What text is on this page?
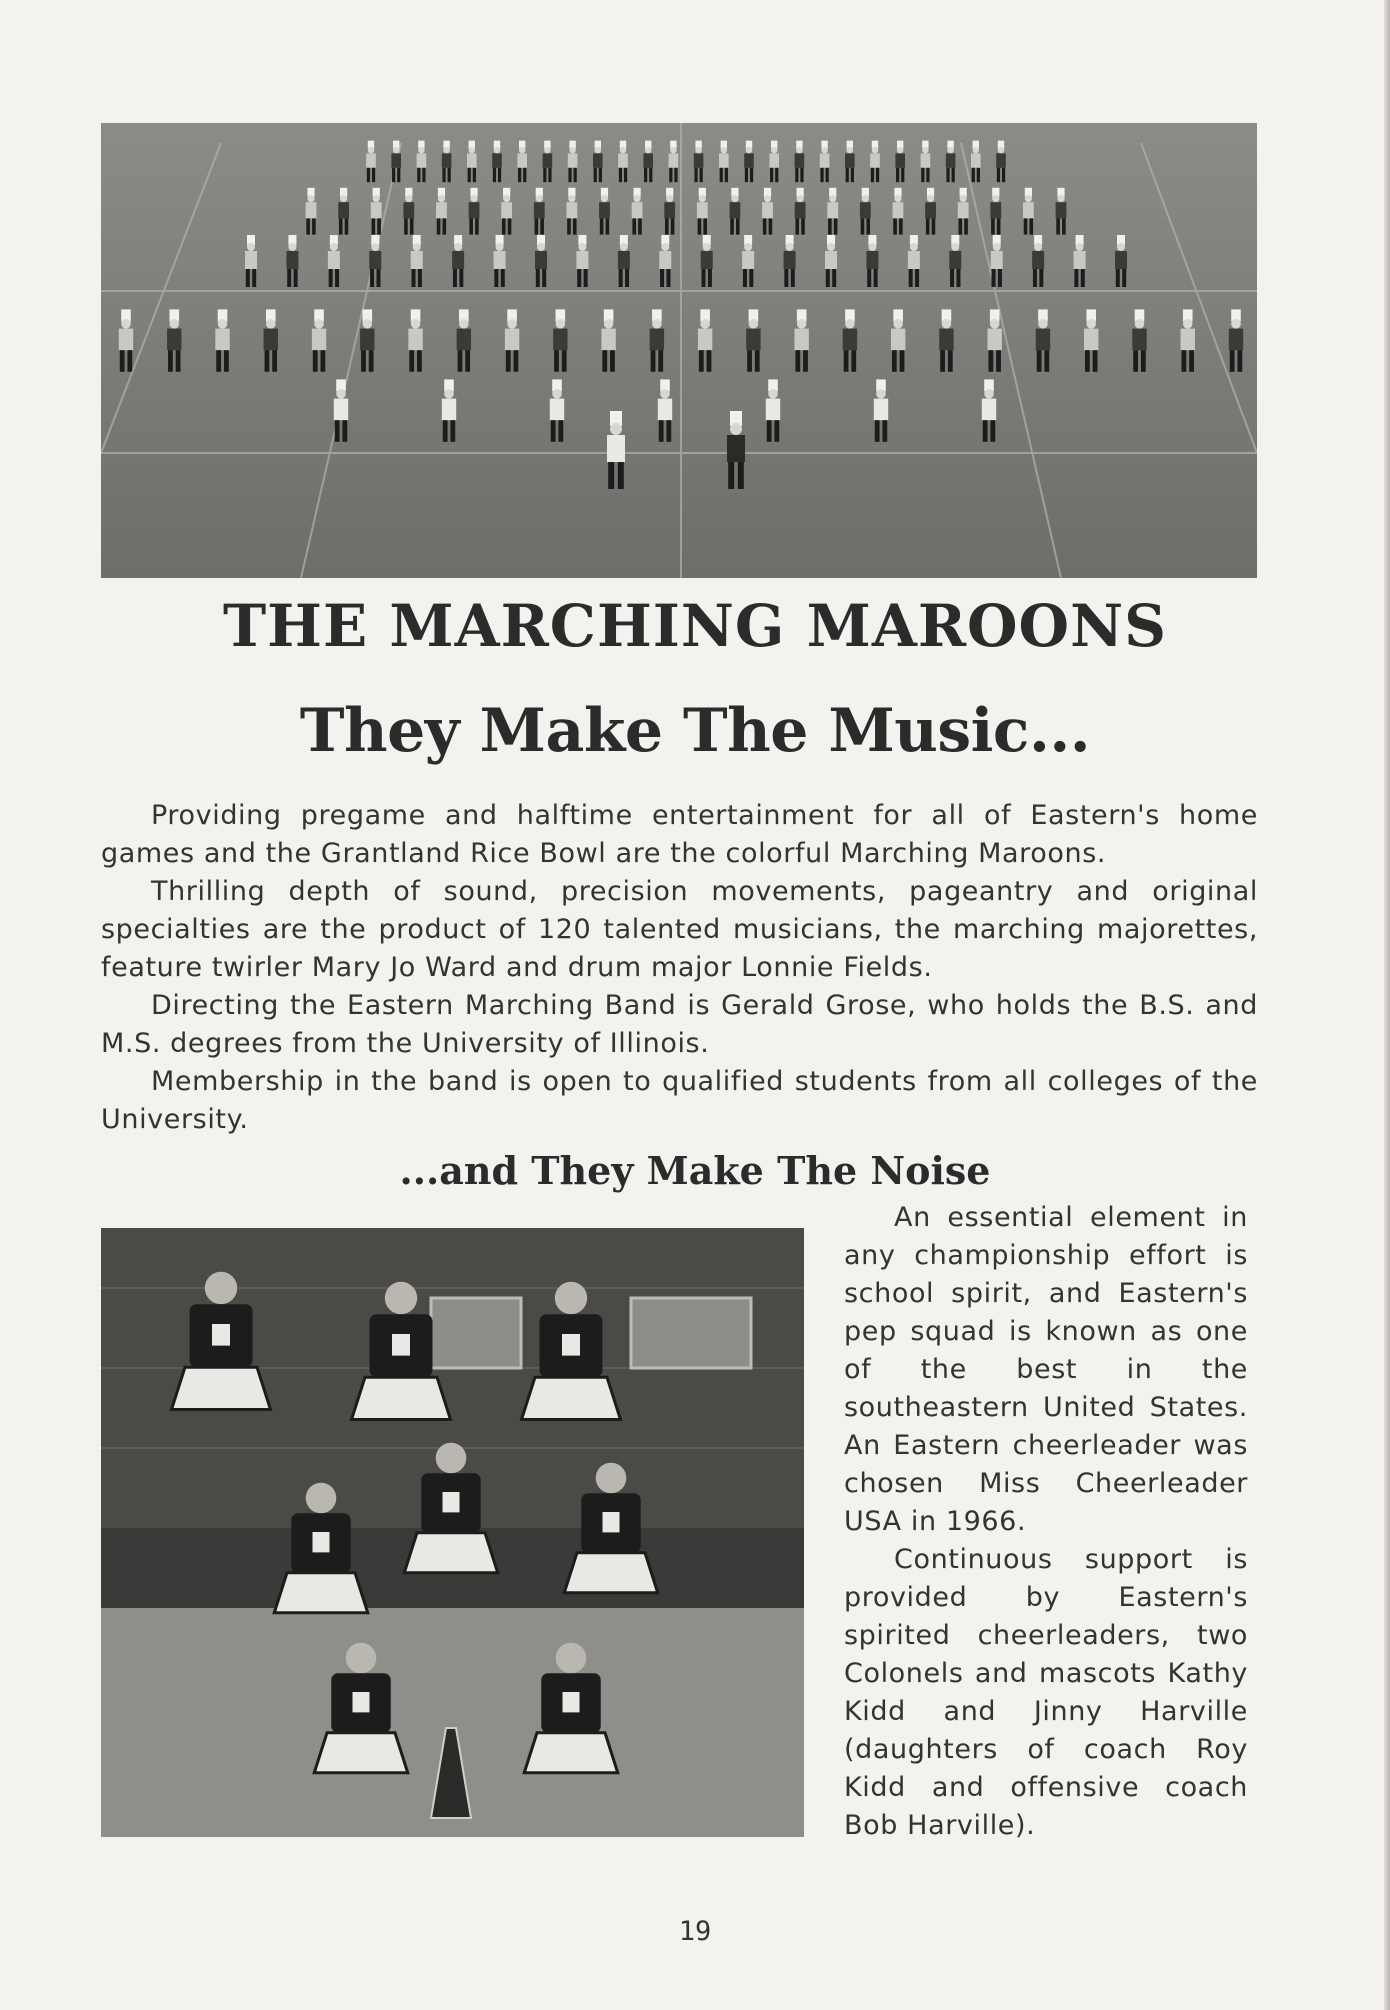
THE MARCHING MAROONS
They Make The Music...

Providing pregame and halftime entertainment for all of Eastern's home games and the Grantland Rice Bowl are the colorful Marching Maroons.

Thrilling depth of sound, precision movements, pageantry and original specialties are the product of 120 talented musicians, the marching majorettes, feature twirler Mary Jo Ward and drum major Lonnie Fields.

Directing the Eastern Marching Band is Gerald Grose, who holds the B.S. and M.S. degrees from the University of Illinois.

Membership in the band is open to qualified students from all colleges of the University.

...and They Make The Noise

An essential element in any championship effort is school spirit, and Eastern's pep squad is known as one of the best in the southeastern United States. An Eastern cheerleader was chosen Miss Cheerleader USA in 1966.

Continuous support is provided by Eastern's spirited cheerleaders, two Colonels and mascots Kathy Kidd and Jinny Harville (daughters of coach Roy Kidd and offensive coach Bob Harville).

19
